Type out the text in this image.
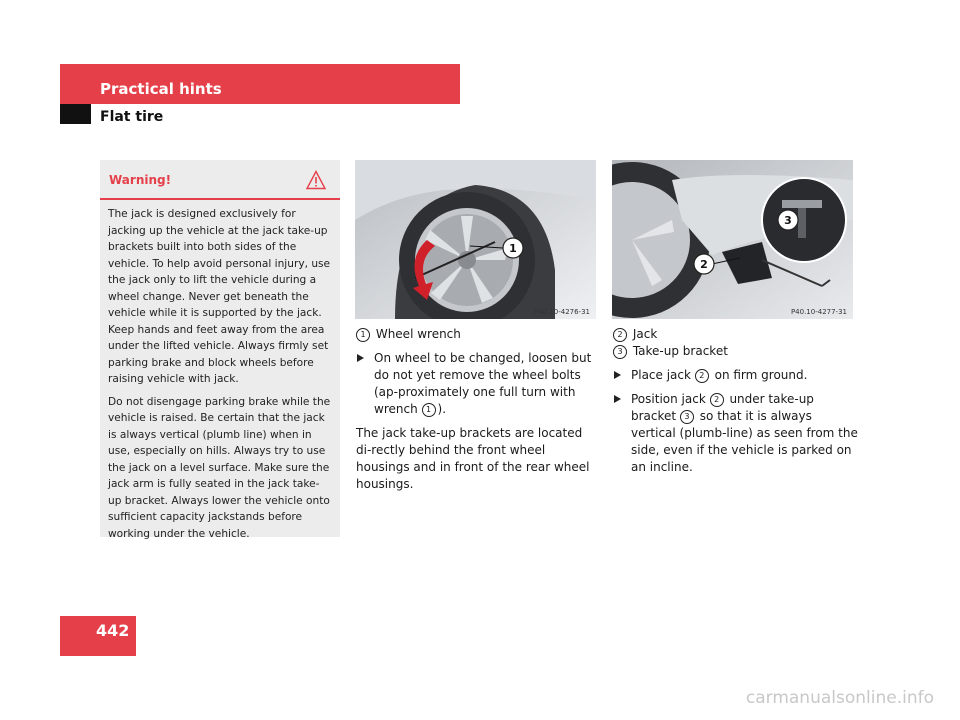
Practical hints
Flat tire
Warning!

The jack is designed exclusively for jacking up the vehicle at the jack take-up brackets built into both sides of the vehicle. To help avoid personal injury, use the jack only to lift the vehicle during a wheel change. Never get beneath the vehicle while it is supported by the jack. Keep hands and feet away from the area under the lifted vehicle. Always firmly set parking brake and block wheels before raising vehicle with jack.

Do not disengage parking brake while the vehicle is raised. Be certain that the jack is always vertical (plumb line) when in use, especially on hills. Always try to use the jack on a level surface. Make sure the jack arm is fully seated in the jack take-up bracket. Always lower the vehicle onto sufficient capacity jackstands before working under the vehicle.

1
P40.10-4276-31
3
2
P40.10-4277-31

1 Wheel wrench

On wheel to be changed, loosen but do not yet remove the wheel bolts (ap-proximately one full turn with wrench 1 ).

The jack take-up brackets are located di-rectly behind the front wheel housings and in front of the rear wheel housings.

2 Jack

3 Take-up bracket

Place jack 2 on firm ground.
Position jack 2 under take-up bracket 3 so that it is always vertical (plumb-line) as seen from the side, even if the vehicle is parked on an incline.
442
carmanualsonline.info
